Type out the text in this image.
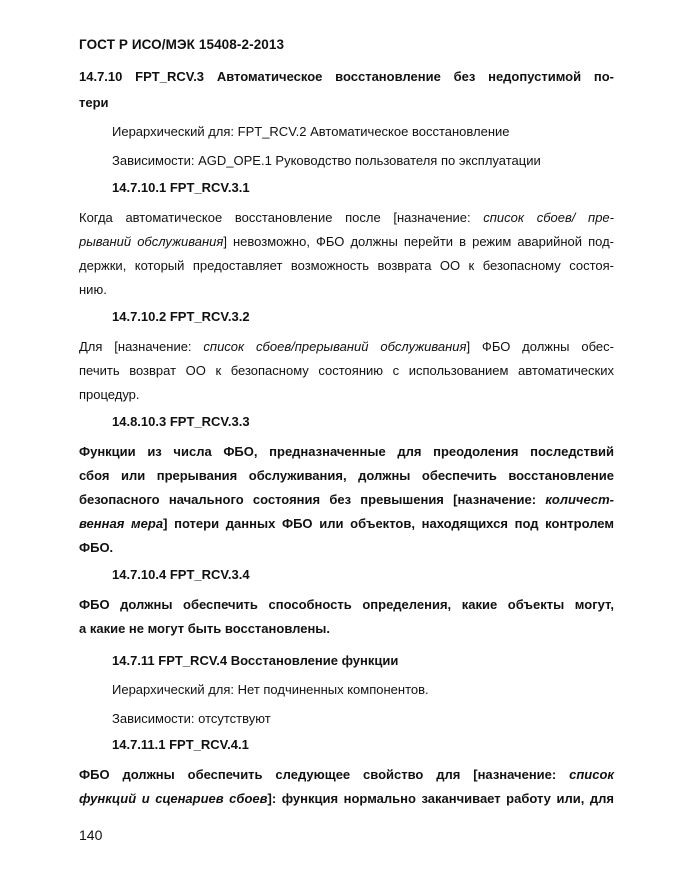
ГОСТ Р ИСО/МЭК 15408-2-2013
14.7.10 FPT_RCV.3 Автоматическое восстановление без недопустимой по-
тери
Иерархический для: FPT_RCV.2 Автоматическое восстановление
Зависимости: AGD_OPE.1 Руководство пользователя по эксплуатации
14.7.10.1 FPT_RCV.3.1
Когда автоматическое восстановление после [назначение: список сбоев/ пре-
рываний обслуживания] невозможно, ФБО должны перейти в режим аварийной под-
держки, который предоставляет возможность возврата ОО к безопасному состоя-
нию.
14.7.10.2 FPT_RCV.3.2
Для [назначение: список сбоев/прерываний обслуживания] ФБО должны обес-
печить возврат ОО к безопасному состоянию с использованием автоматических
процедур.
14.8.10.3 FPT_RCV.3.3
Функции из числа ФБО, предназначенные для преодоления последствий
сбоя или прерывания обслуживания, должны обеспечить восстановление
безопасного начального состояния без превышения [назначение: количест-
венная мера] потери данных ФБО или объектов, находящихся под контролем
ФБО.
14.7.10.4 FPT_RCV.3.4
ФБО должны обеспечить способность определения, какие объекты могут,
а какие не могут быть восстановлены.
14.7.11 FPT_RCV.4 Восстановление функции
Иерархический для: Нет подчиненных компонентов.
Зависимости: отсутствуют
14.7.11.1 FPT_RCV.4.1
ФБО должны обеспечить следующее свойство для [назначение: список
функций и сценариев сбоев]: функция нормально заканчивает работу или, для
140
